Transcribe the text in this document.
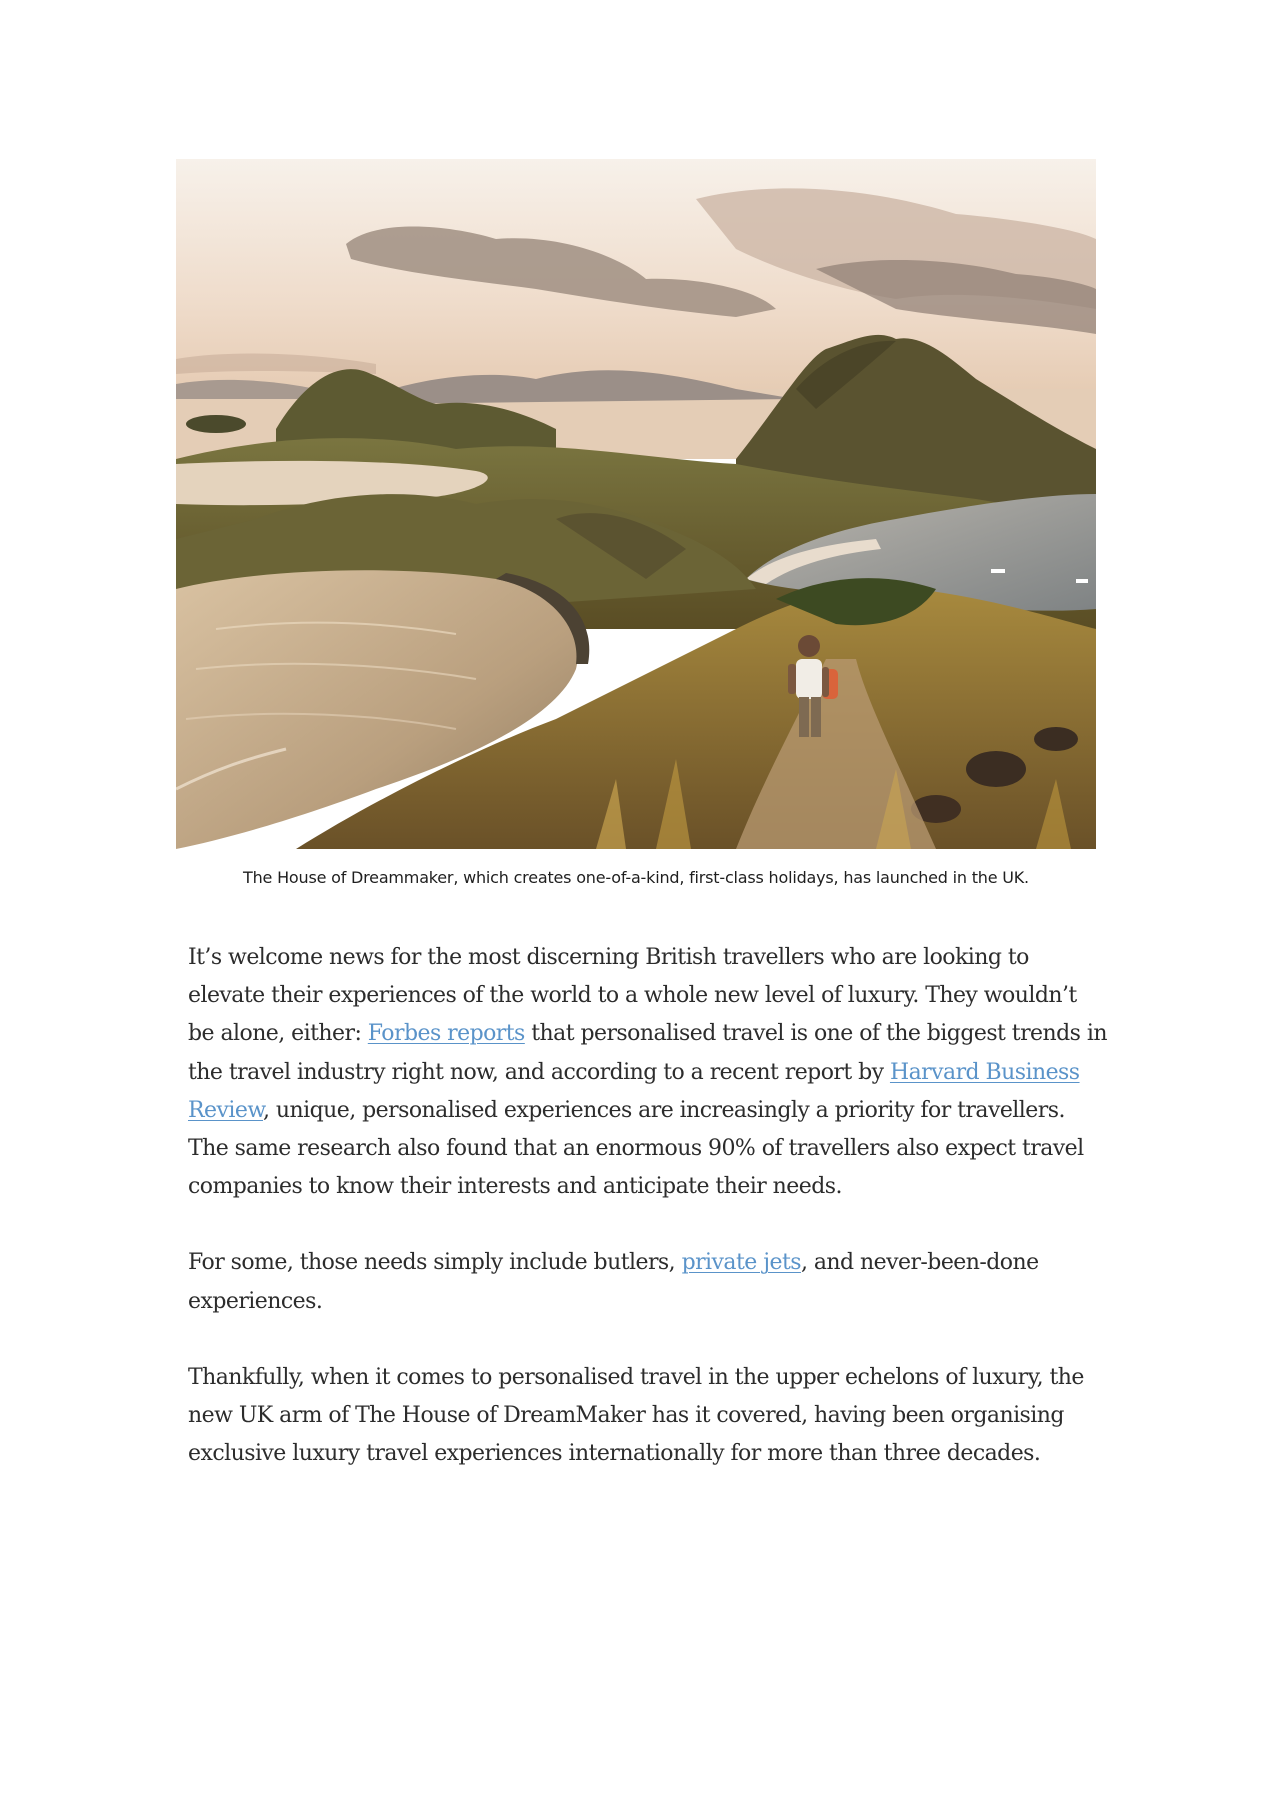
The House of Dreammaker, which creates one-of-a-kind, first-class holidays, has launched in the UK.

It’s welcome news for the most discerning British travellers who are looking to elevate their experiences of the world to a whole new level of luxury. They wouldn’t be alone, either: Forbes reports that personalised travel is one of the biggest trends in the travel industry right now, and according to a recent report by Harvard Business Review, unique, personalised experiences are increasingly a priority for travellers. The same research also found that an enormous 90% of travellers also expect travel companies to know their interests and anticipate their needs.

For some, those needs simply include butlers, private jets, and never-been-done experiences.

Thankfully, when it comes to personalised travel in the upper echelons of luxury, the new UK arm of The House of DreamMaker has it covered, having been organising exclusive luxury travel experiences internationally for more than three decades.
